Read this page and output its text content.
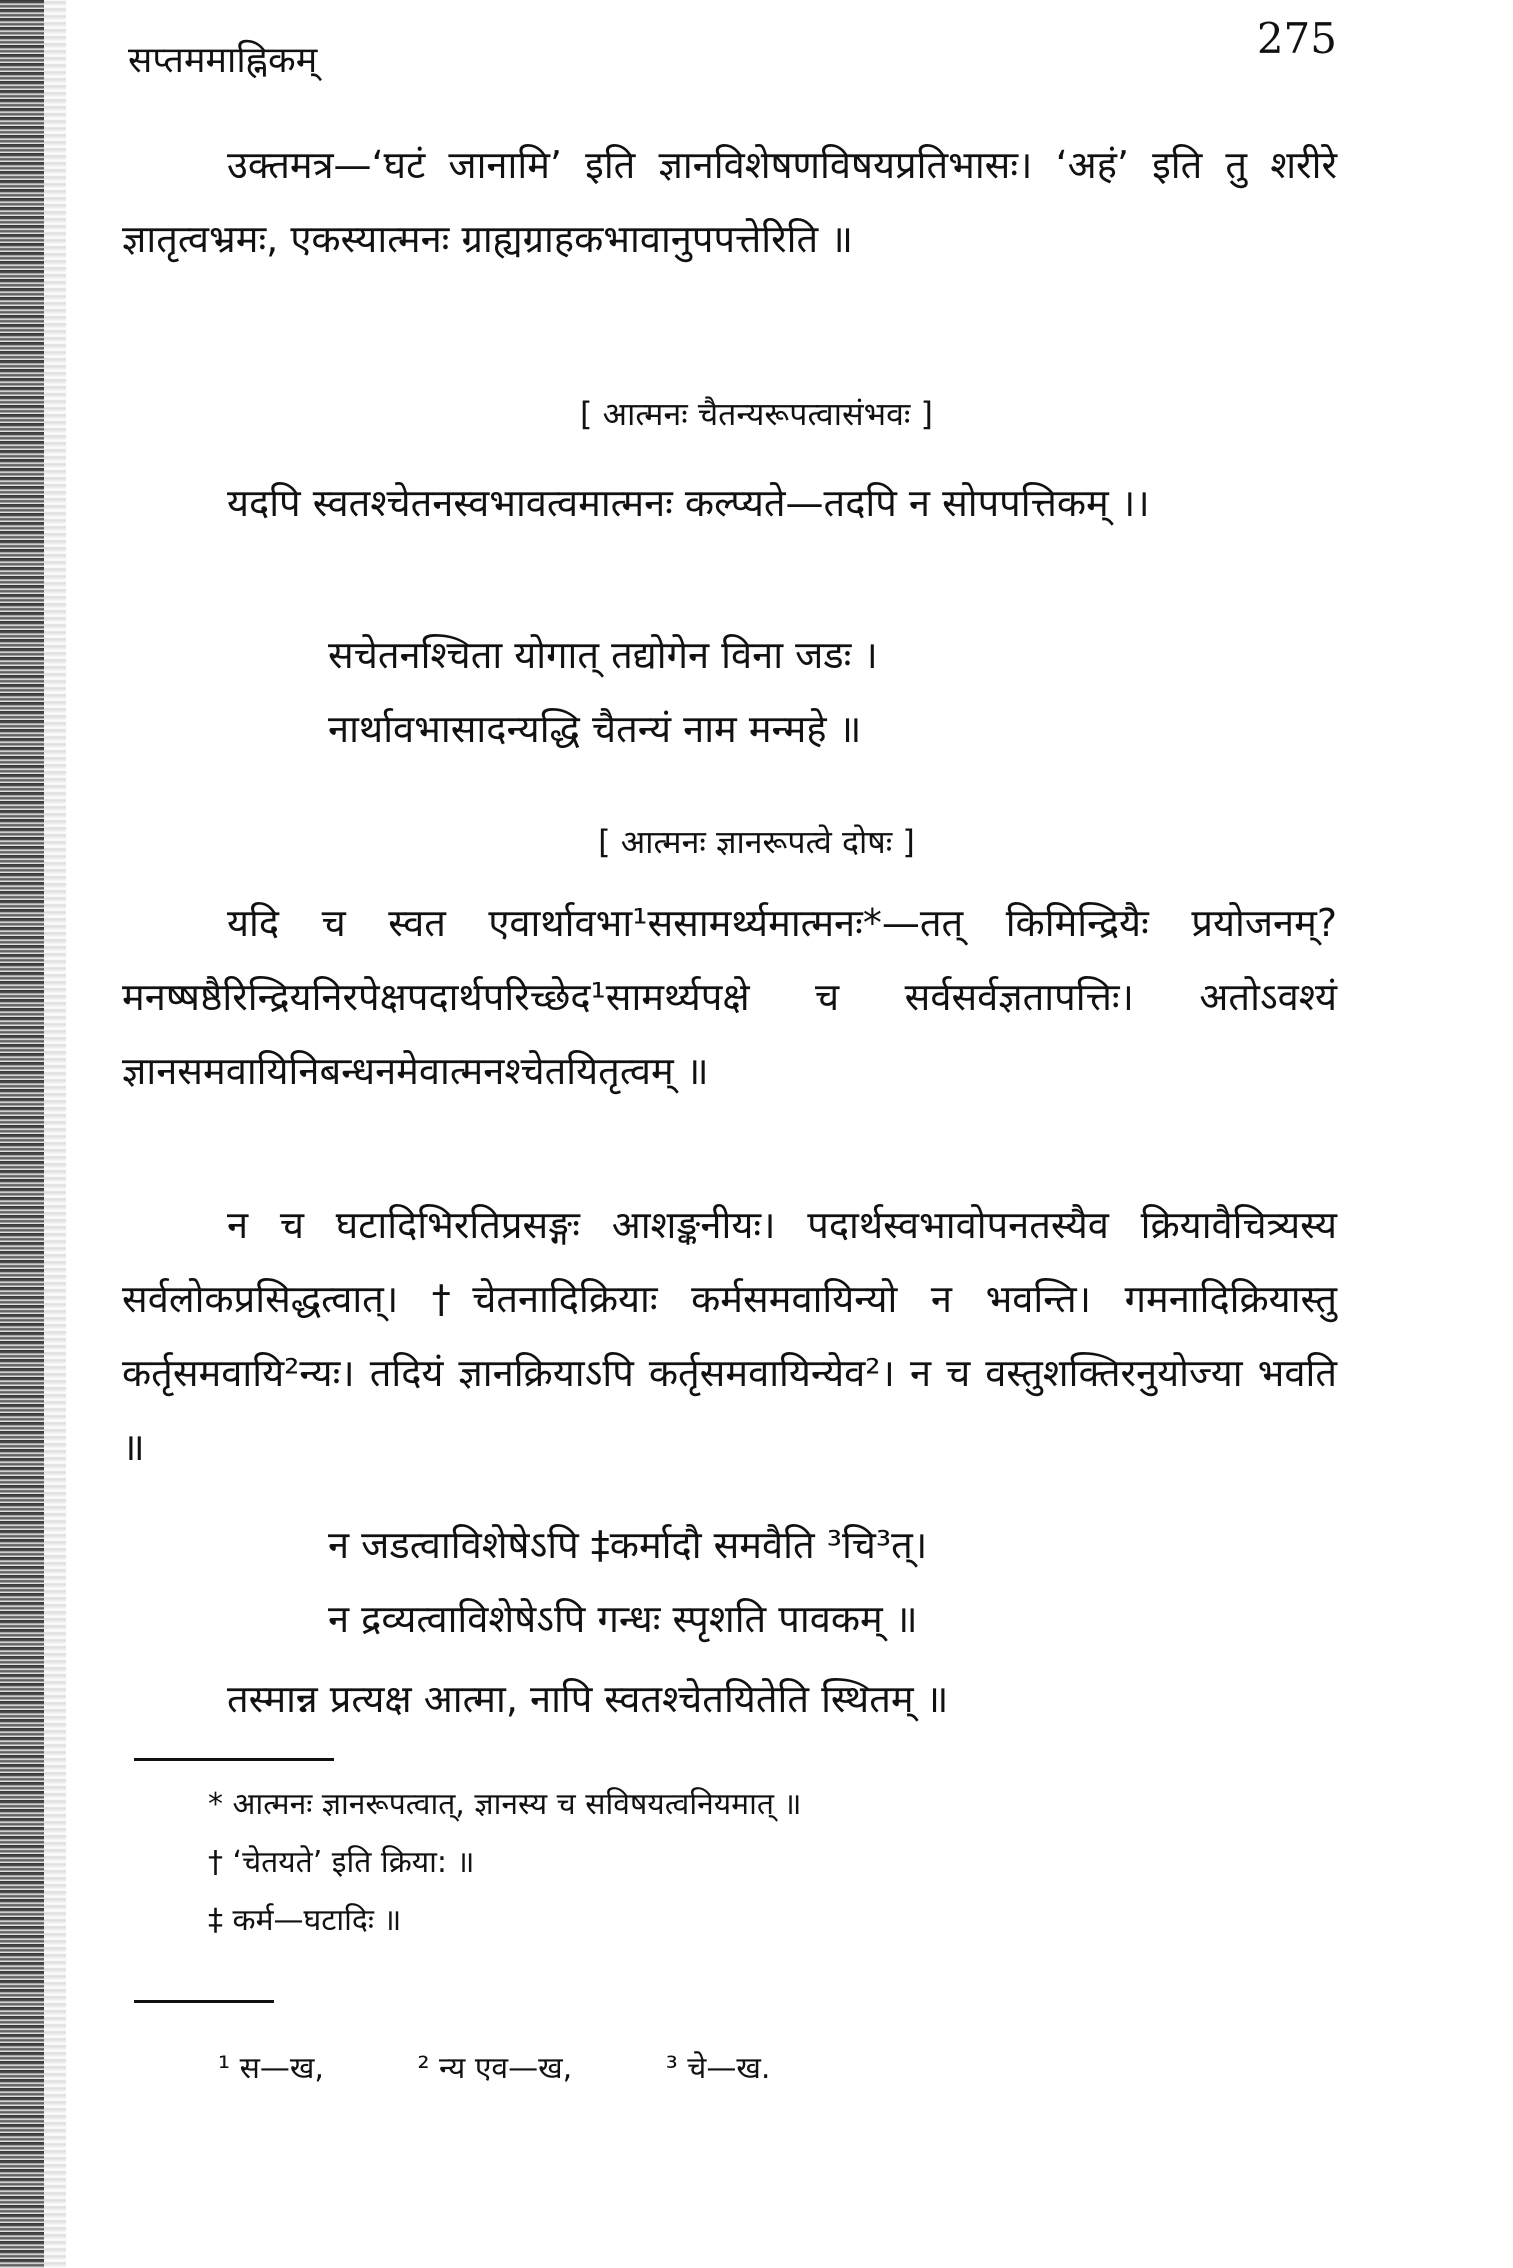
सप्तममाह्निकम्	275

उक्तमत्र—‘घटं जानामि’ इति ज्ञानविशेषणविषयप्रतिभासः। ‘अहं’ इति तु शरीरे ज्ञातृत्वभ्रमः, एकस्यात्मनः ग्राह्यग्राहकभावानुपपत्तेरिति ॥

[ आत्मनः चैतन्यरूपत्वासंभवः ]

यदपि स्वतश्चेतनस्वभावत्वमात्मनः कल्प्यते—तदपि न सोपपत्तिकम् ।।

सचेतनश्चिता योगात् तद्योगेन विना जडः ।
नार्थावभासादन्यद्धि चैतन्यं नाम मन्महे ॥
[ आत्मनः ज्ञानरूपत्वे दोषः ]

यदि च स्वत एवार्थावभा¹ससामर्थ्यमात्मनः*—तत् किमिन्द्रियैः प्रयोजनम्? मनष्षष्ठैरिन्द्रियनिरपेक्षपदार्थपरिच्छेद¹सामर्थ्यपक्षे च सर्वसर्वज्ञतापत्तिः। अतोऽवश्यं ज्ञानसमवायिनिबन्धनमेवात्मनश्चेतयितृत्वम् ॥

न च घटादिभिरतिप्रसङ्गः आशङ्कनीयः। पदार्थस्वभावोपनतस्यैव क्रियावैचित्र्यस्य सर्वलोकप्रसिद्धत्वात्। †चेतनादिक्रियाः कर्मसमवायिन्यो न भवन्ति। गमनादिक्रियास्तु कर्तृसमवायि²न्यः। तदियं ज्ञानक्रियाऽपि कर्तृसमवायिन्येव²। न च वस्तुशक्तिरनुयोज्या भवति ॥

न जडत्वाविशेषेऽपि ‡कर्मादौ समवैति ³चि³त्।
न द्रव्यत्वाविशेषेऽपि गन्धः स्पृशति पावकम् ॥

तस्मान्न प्रत्यक्ष आत्मा, नापि स्वतश्चेतयितेति स्थितम् ॥

* आत्मनः ज्ञानरूपत्वात्, ज्ञानस्य च सविषयत्वनियमात् ॥
† ‘चेतयते’ इति क्रिया: ॥
‡ कर्म—घटादिः ॥
¹ स—ख,	² न्य एव—ख,	³ चे—ख.
